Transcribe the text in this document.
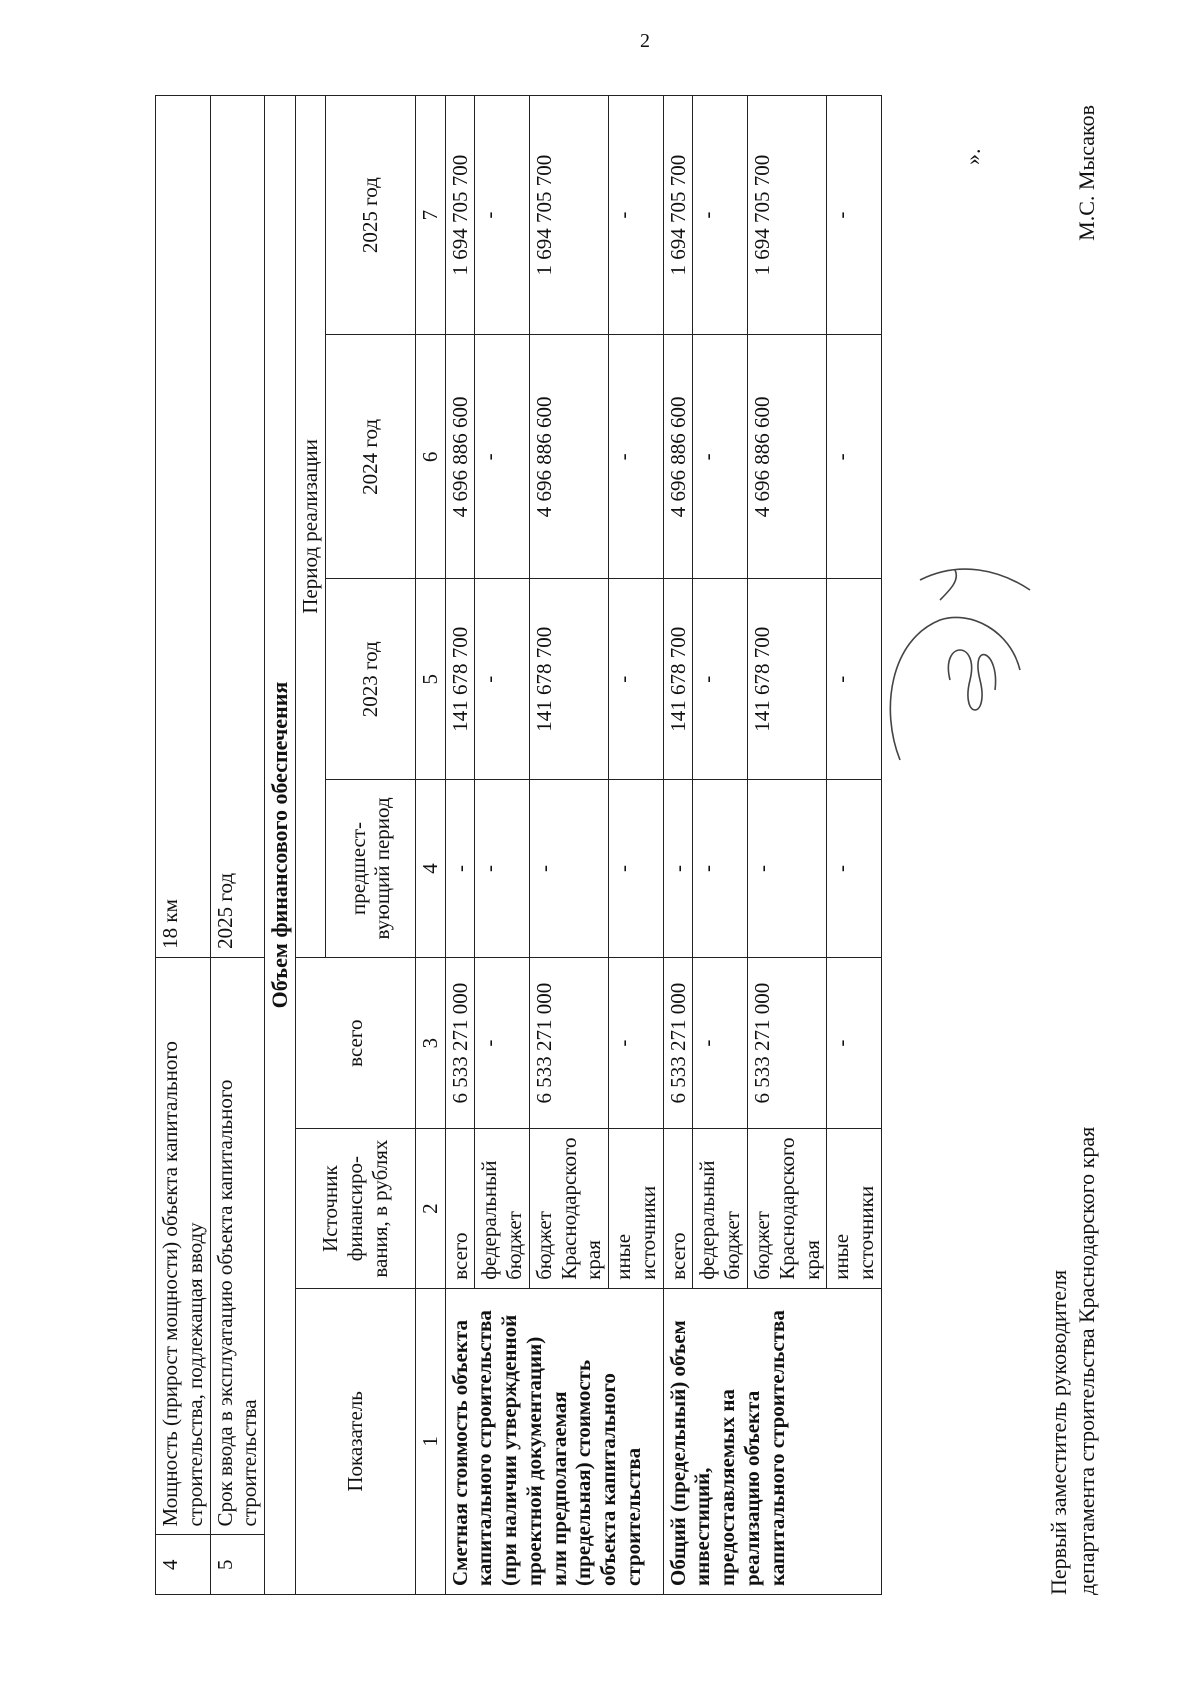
2
4	Мощность (прирост мощности) объекта капитального строительства, подлежащая вводу			18 км			
5	Срок ввода в эксплуатацию объекта капитального строительства			2025 год			
Объем финансового обеспечения							
Показатель		Источник финансиро-вания, в рублях	всего	Период реализации			
				предшест-вующий период	2023 год	2024 год	2025 год
1		2	3	4	5	6	7
Сметная стоимость объекта капитального строительства (при наличии утвержденной проектной документации) или предполагаемая (предельная) стоимость объекта капитального строительства		всего	6 533 271 000	-	141 678 700	4 696 886 600	1 694 705 700
		федеральный бюджет	-	-	-	-	-
		бюджет Краснодарского края	6 533 271 000	-	141 678 700	4 696 886 600	1 694 705 700
		иные источники	-	-	-	-	-
Общий (предельный) объем инвестиций, предоставляемых на реализацию объекта капитального строительства		всего	6 533 271 000	-	141 678 700	4 696 886 600	1 694 705 700
		федеральный бюджет	-	-	-	-	-
		бюджет Краснодарского края	6 533 271 000	-	141 678 700	4 696 886 600	1 694 705 700
		иные источники	-	-	-	-	-
».
Первый заместитель руководителя департамента строительства Краснодарского края
М.С. Мысаков
